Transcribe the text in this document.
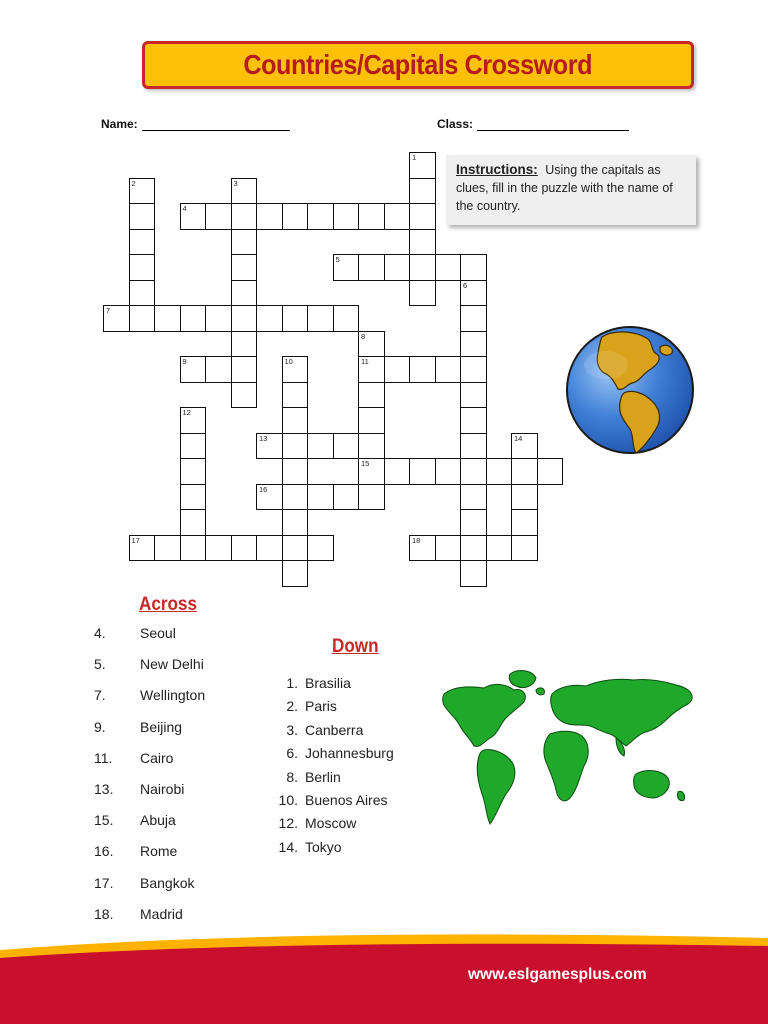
Countries/Capitals Crossword
Name:	Class:
4
5
7
9	11
13
15
16
17	18
1
2	3
6
8
10
12
14
Instructions: Using the capitals as clues, fill in the puzzle with the name of the country.
Across
Down
4. Seoul
5. New Delhi
7. Wellington
9. Beijing
11. Cairo
13. Nairobi
15. Abuja
16. Rome
17. Bangkok
18. Madrid
1. Brasilia
2. Paris
3. Canberra
6. Johannesburg
8. Berlin
10. Buenos Aires
12. Moscow
14. Tokyo
www.eslgamesplus.com
